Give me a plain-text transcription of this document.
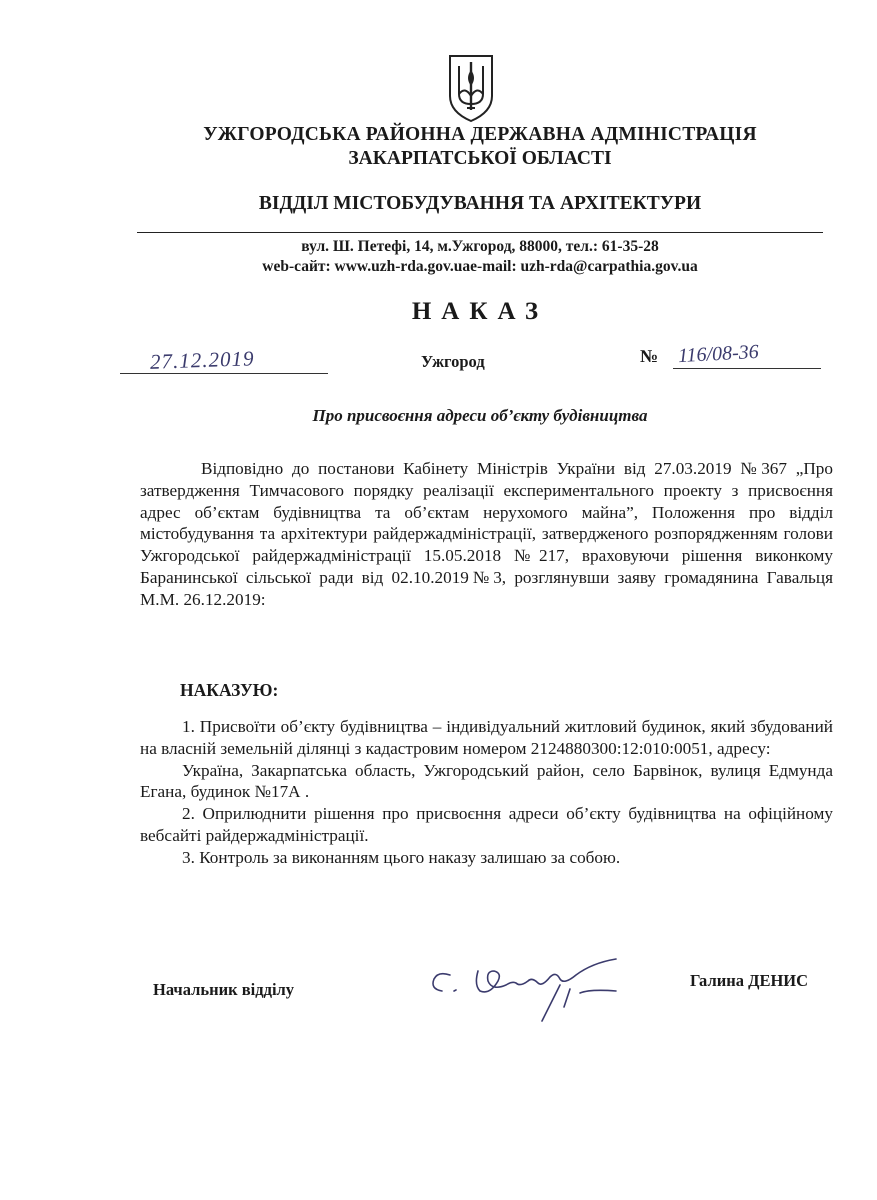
УЖГОРОДСЬКА РАЙОННА ДЕРЖАВНА АДМІНІСТРАЦІЯ
ЗАКАРПАТСЬКОЇ ОБЛАСТІ
ВІДДІЛ МІСТОБУДУВАННЯ ТА АРХІТЕКТУРИ
вул. Ш. Петефі, 14, м.Ужгород, 88000, тел.: 61-35-28
web-сайт: www.uzh-rda.gov.uae-mail: uzh-rda@carpathia.gov.ua
НАКАЗ
27.12.2019	Ужгород	№ 116/08-36
Про присвоєння адреси об’єкту будівництва

Відповідно до постанови Кабінету Міністрів України від 27.03.2019 №367 „Про затвердження Тимчасового порядку реалізації експериментального проекту з присвоєння адрес об’єктам будівництва та об’єктам нерухомого майна”, Положення про відділ містобудування та архітектури райдержадміністрації, затвердженого розпорядженням голови Ужгородської райдержадміністрації 15.05.2018 №217, враховуючи рішення виконкому Баранинської сільської ради від 02.10.2019№3, розглянувши заяву громадянина Гавальця М.М. 26.12.2019:

НАКАЗУЮ:

1. Присвоїти об’єкту будівництва – індивідуальний житловий будинок, який збудований на власній земельній ділянці з кадастровим номером 2124880300:12:010:0051, адресу:

Україна, Закарпатська область, Ужгородський район, село Барвінок, вулиця Едмунда Егана, будинок №17А .

2. Оприлюднити рішення про присвоєння адреси об’єкту будівництва на офіційному вебсайті райдержадміністрації.

3. Контроль за виконанням цього наказу залишаю за собою.

Начальник відділу	Галина ДЕНИС
